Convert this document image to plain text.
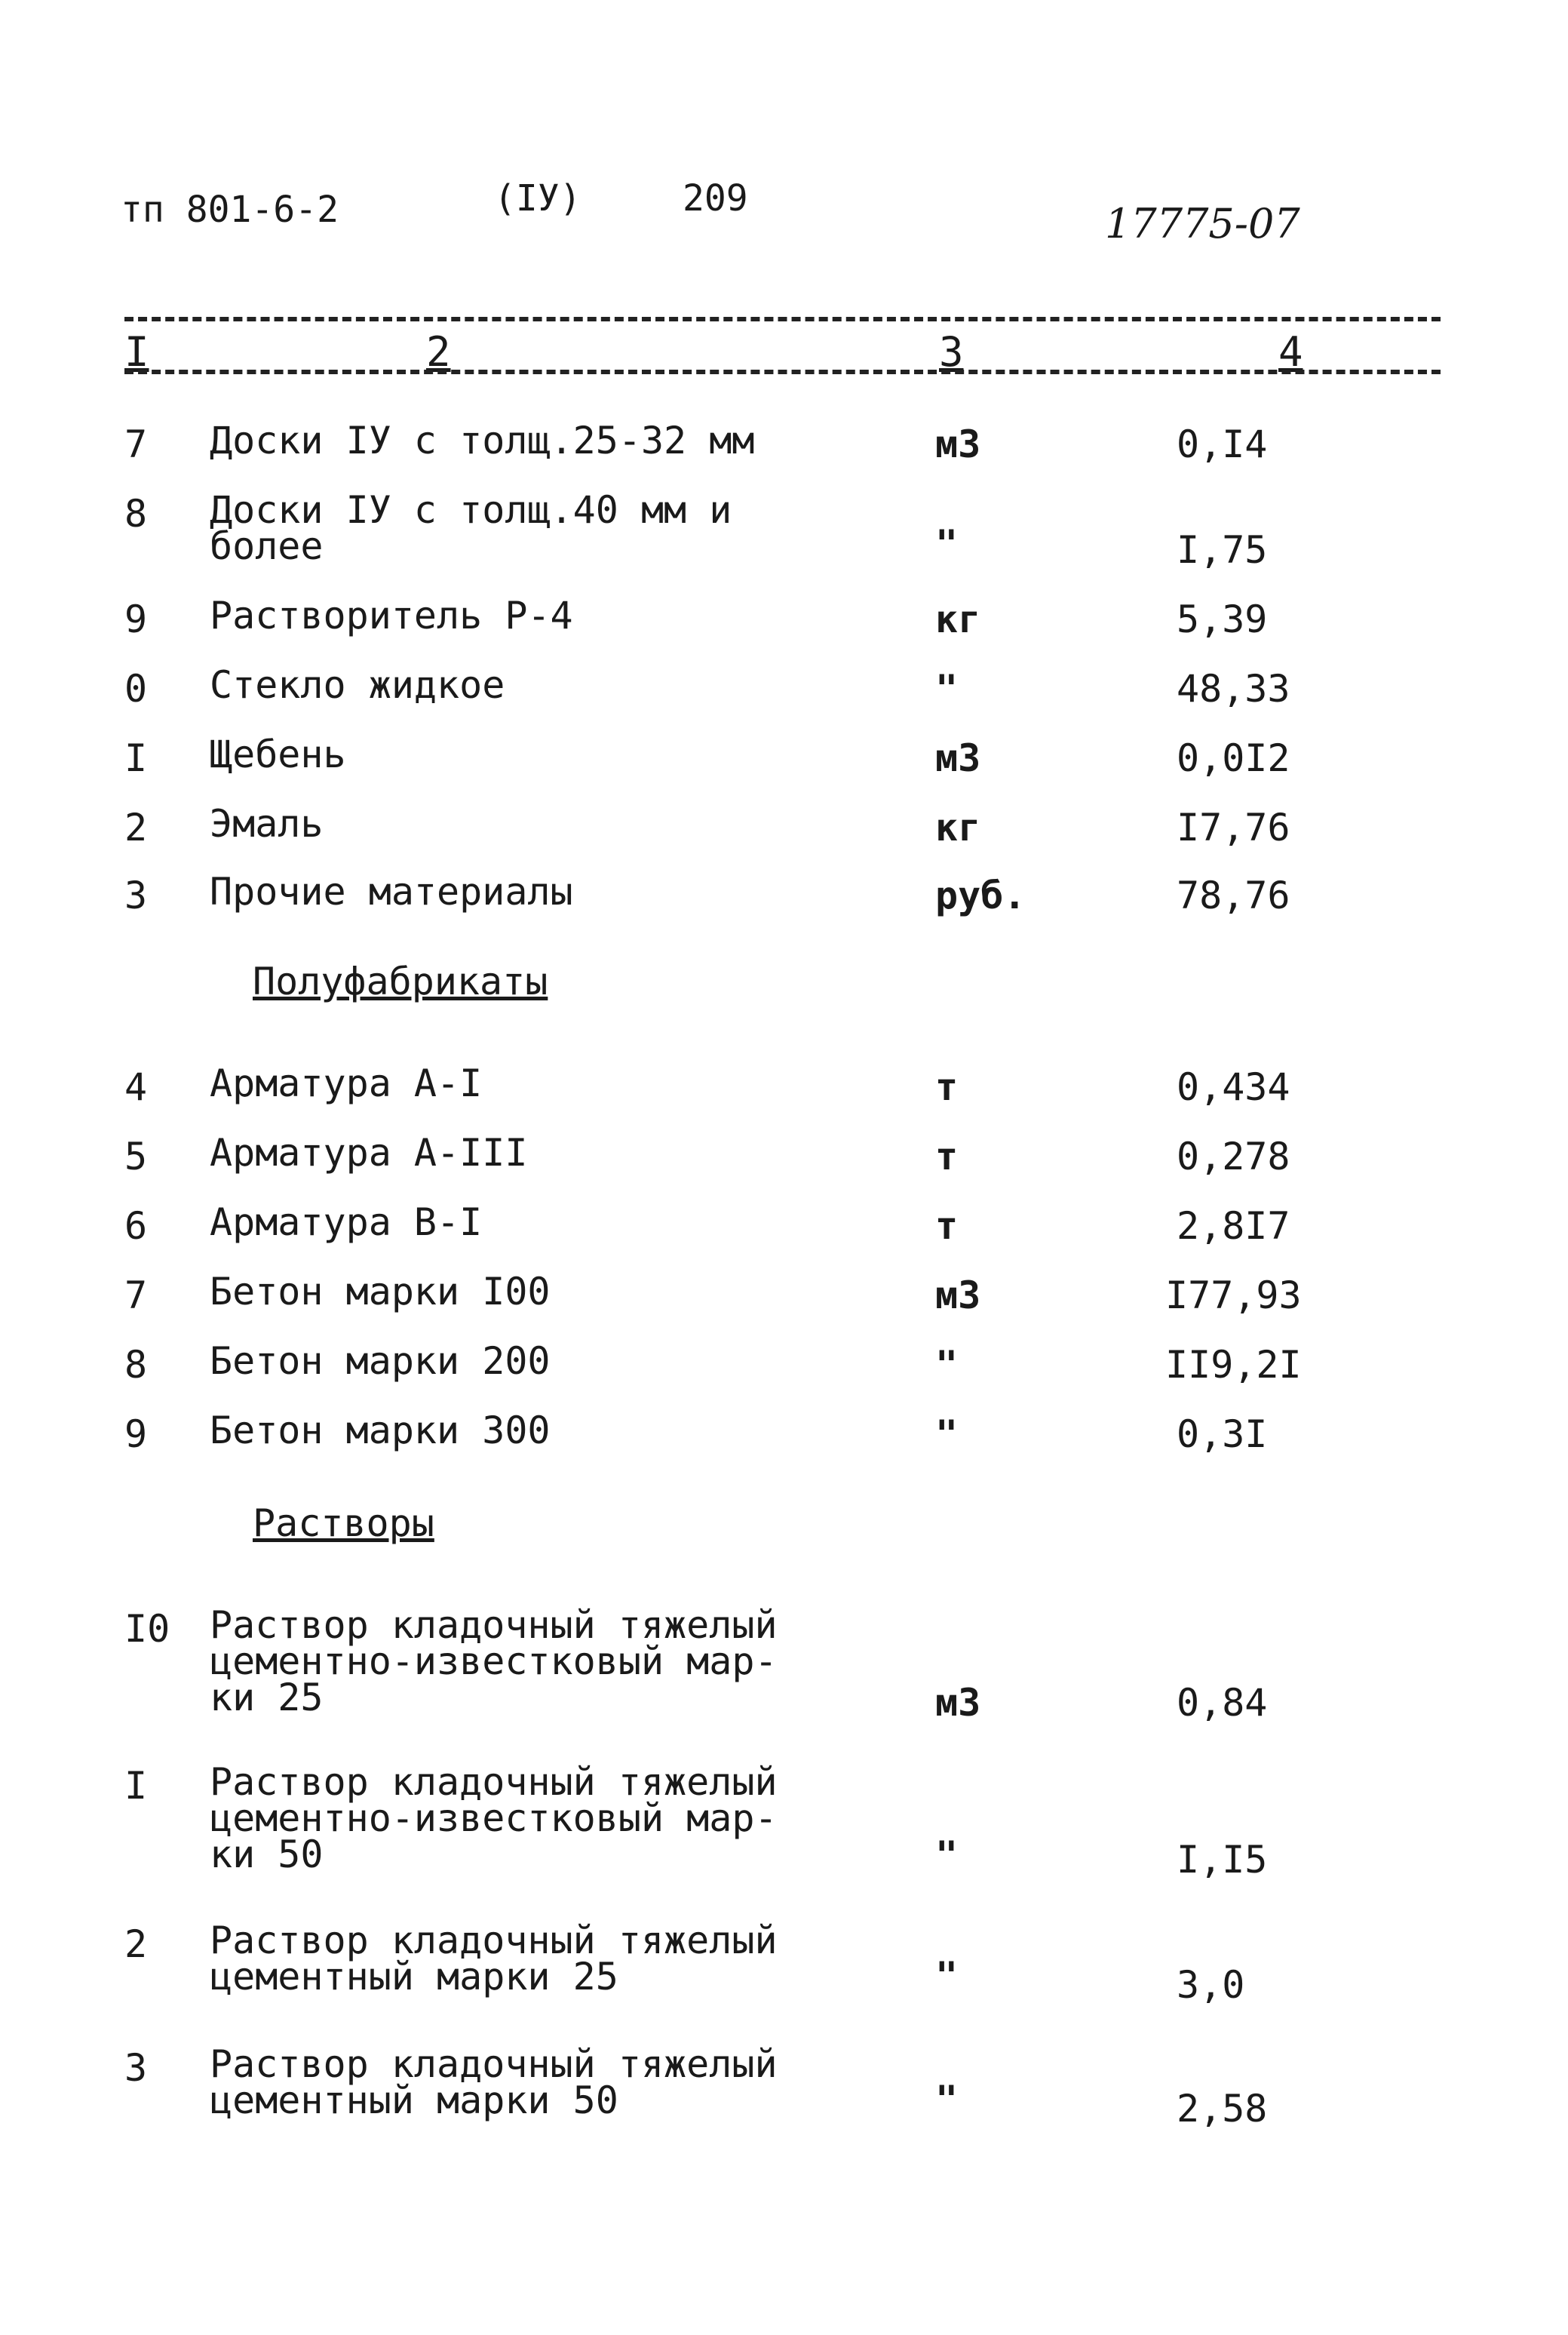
тп 801-6-2	(IУ)	209
17775-07
I	2	3	4
7 Доски IУ с толщ.25-32 мм	м3	0,I4
8 Доски IУ с толщ.40 мм и
более	"	I,75
9 Растворитель Р-4	кг	5,39
0 Стекло жидкое	"	48,33
I Щебень	м3	0,0I2
2 Эмаль	кг	I7,76
3 Прочие материалы	руб.	78,76
Полуфабрикаты
4 Арматура А-I	т	0,434
5 Арматура А-III	т	0,278
6 Арматура В-I	т	2,8I7
7 Бетон марки I00	м3	I77,93
8 Бетон марки 200	"	II9,2I
9 Бетон марки 300	"	0,3I
Растворы
I0 Раствор кладочный тяжелый
цементно-известковый мар-
ки 25	м3	0,84
I Раствор кладочный тяжелый
цементно-известковый мар-
ки 50	"	I,I5
2 Раствор кладочный тяжелый
цементный марки 25	"	3,0
3 Раствор кладочный тяжелый
цементный марки 50	"	2,58
